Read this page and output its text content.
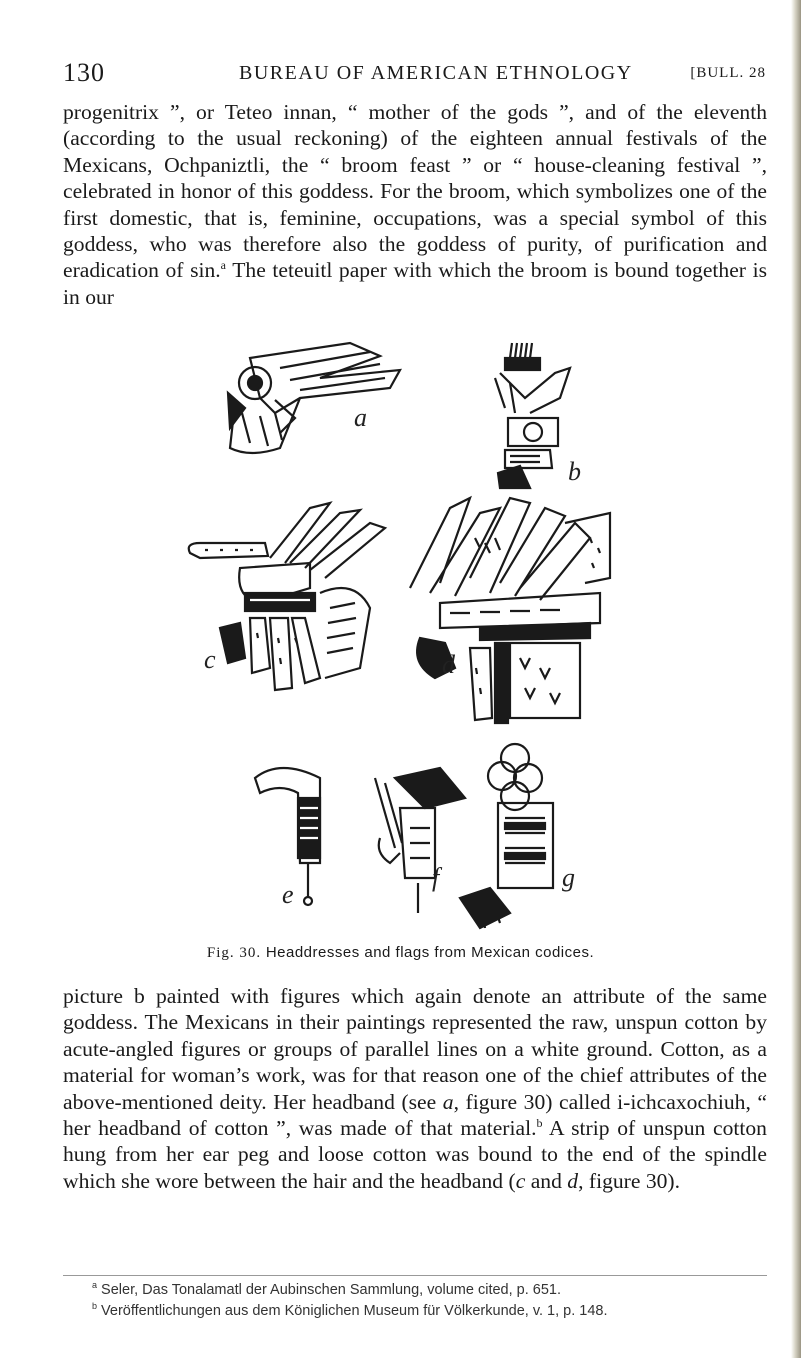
130	BUREAU OF AMERICAN ETHNOLOGY	[BULL. 28

progenitrix ”, or Teteo innan, “ mother of the gods ”, and of the eleventh (according to the usual reckoning) of the eighteen annual festivals of the Mexicans, Ochpaniztli, the “ broom feast ” or “ house-cleaning festival ”, celebrated in honor of this goddess. For the broom, which symbolizes one of the first domestic, that is, feminine, occupations, was a special symbol of this goddess, who was therefore also the goddess of purity, of purification and eradication of sin.$^a$ The teteuitl paper with which the broom is bound together is in our

a
b
c	d
e
f	g
Fig. 30. Headdresses and flags from Mexican codices.

picture b painted with figures which again denote an attribute of the same goddess. The Mexicans in their paintings represented the raw, unspun cotton by acute-angled figures or groups of parallel lines on a white ground. Cotton, as a material for woman’s work, was for that reason one of the chief attributes of the above-mentioned deity. Her headband (see a, figure 30) called i-ichcaxochiuh, “ her headband of cotton ”, was made of that material.$^b$ A strip of unspun cotton hung from her ear peg and loose cotton was bound to the end of the spindle which she wore between the hair and the headband (c and d, figure 30).

$^a$ Seler, Das Tonalamatl der Aubinschen Sammlung, volume cited, p. 651.
$^b$ Veröffentlichungen aus dem Königlichen Museum für Völkerkunde, v. 1, p. 148.
